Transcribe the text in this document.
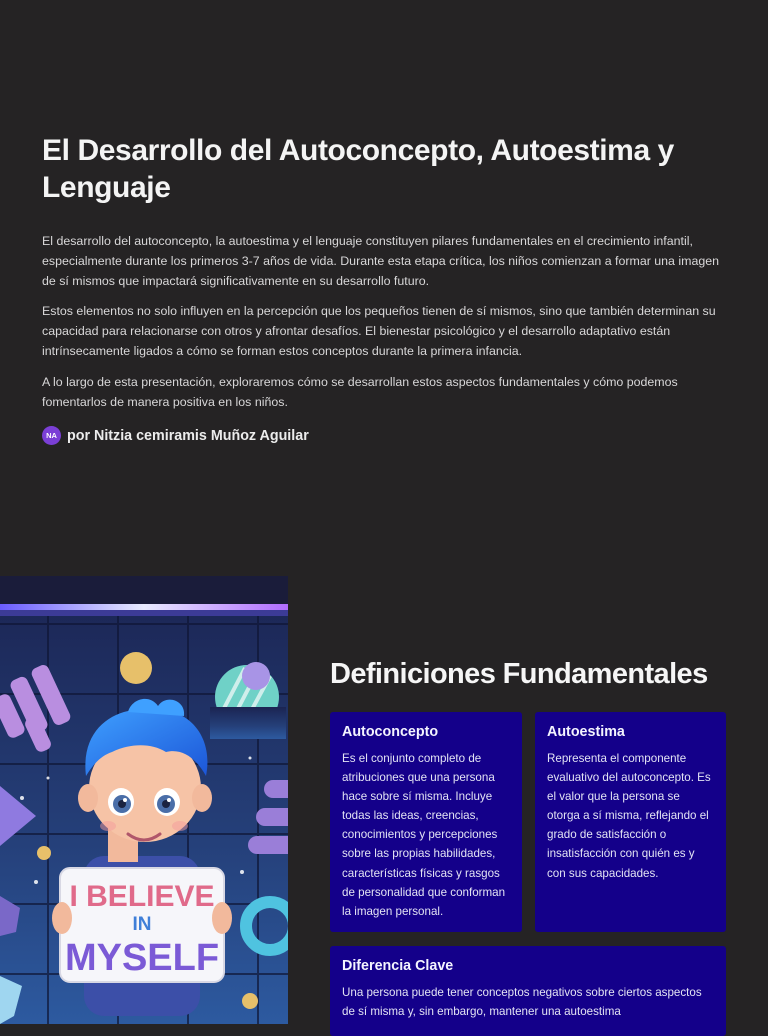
El Desarrollo del Autoconcepto, Autoestima y Lenguaje

El desarrollo del autoconcepto, la autoestima y el lenguaje constituyen pilares fundamentales en el crecimiento infantil, especialmente durante los primeros 3-7 años de vida. Durante esta etapa crítica, los niños comienzan a formar una imagen de sí mismos que impactará significativamente en su desarrollo futuro.

Estos elementos no solo influyen en la percepción que los pequeños tienen de sí mismos, sino que también determinan su capacidad para relacionarse con otros y afrontar desafíos. El bienestar psicológico y el desarrollo adaptativo están intrínsecamente ligados a cómo se forman estos conceptos durante la primera infancia.

A lo largo de esta presentación, exploraremos cómo se desarrollan estos aspectos fundamentales y cómo podemos fomentarlos de manera positiva en los niños.

NA por Nitzia cemiramis Muñoz Aguilar
I BELIEVE
IN
MYSELF
Definiciones Fundamentales
Autoconcepto

Es el conjunto completo de atribuciones que una persona hace sobre sí misma. Incluye todas las ideas, creencias, conocimientos y percepciones sobre las propias habilidades, características físicas y rasgos de personalidad que conforman la imagen personal.

Autoestima

Representa el componente evaluativo del autoconcepto. Es el valor que la persona se otorga a sí misma, reflejando el grado de satisfacción o insatisfacción con quién es y con sus capacidades.

Diferencia Clave

Una persona puede tener conceptos negativos sobre ciertos aspectos de sí misma y, sin embargo, mantener una autoestima
